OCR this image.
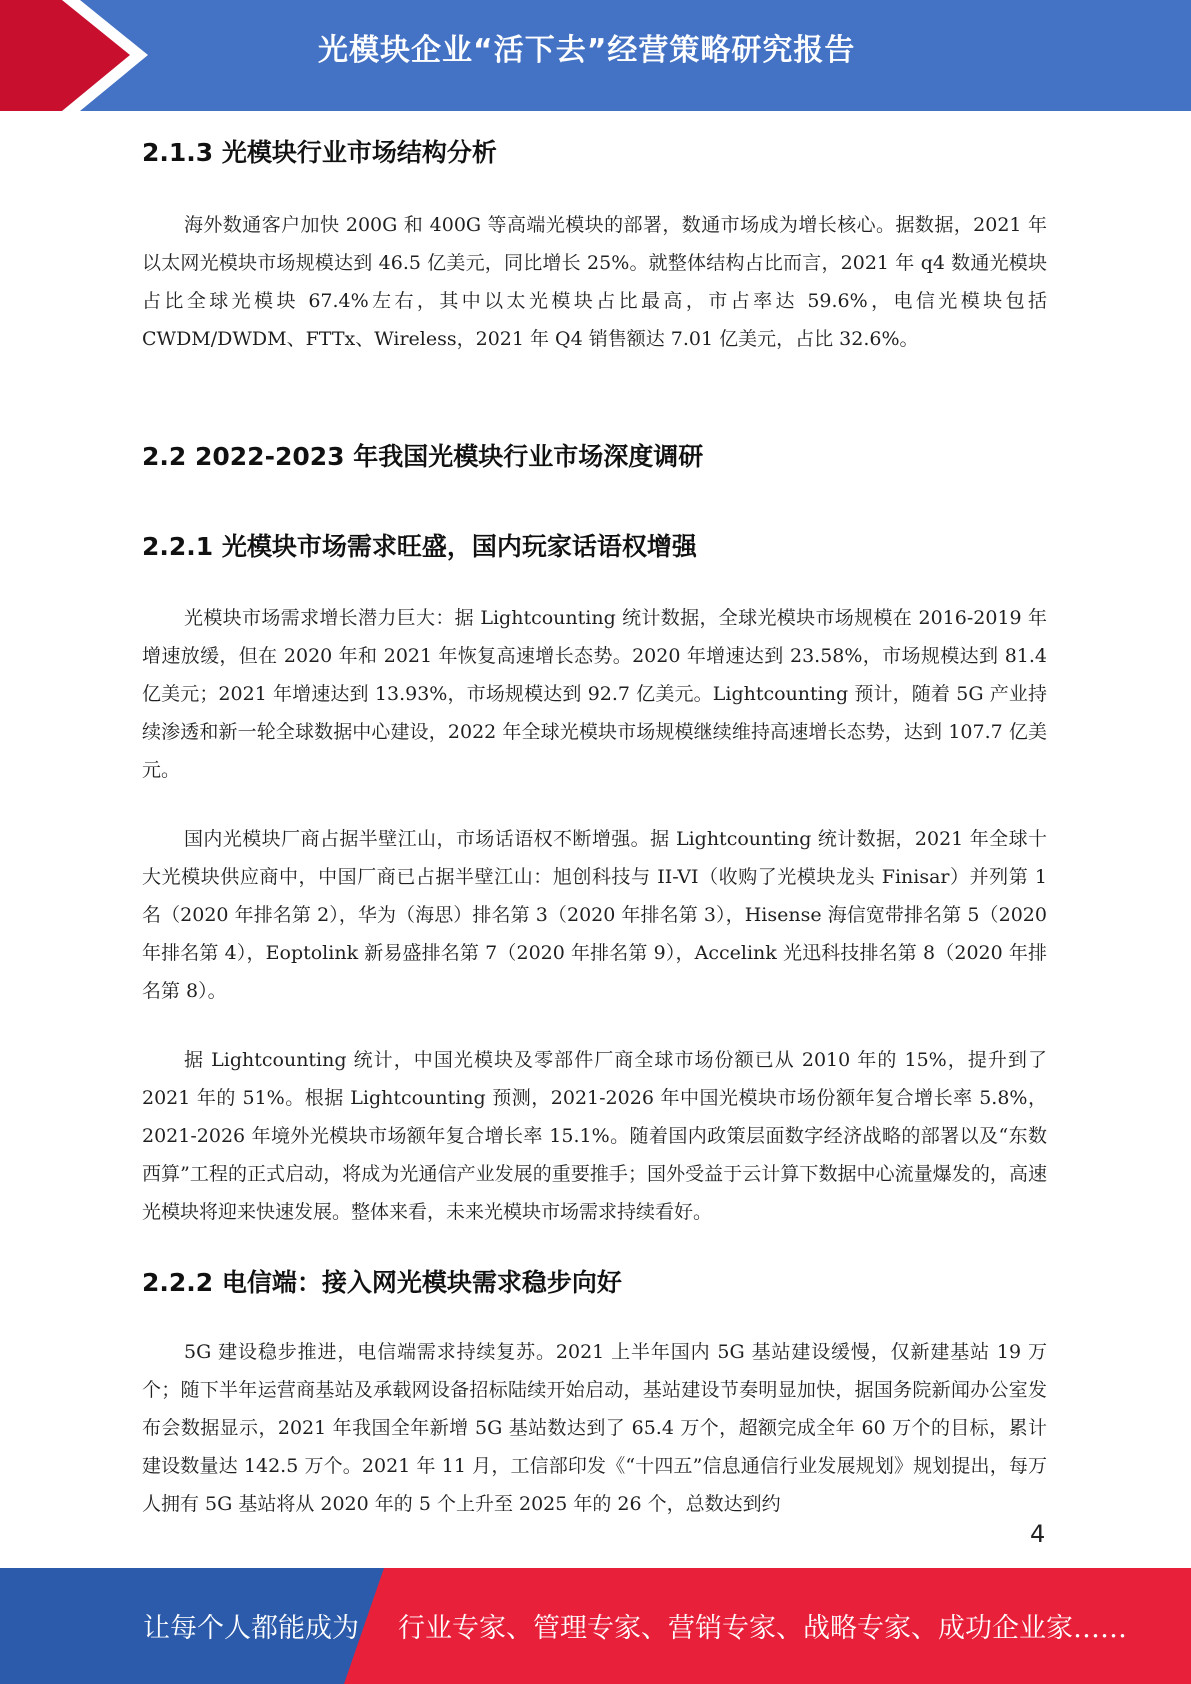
光模块企业“活下去”经营策略研究报告
2.1.3 光模块行业市场结构分析

海外数通客户加快 200G 和 400G 等高端光模块的部署，数通市场成为增长核心。据数据，2021 年以太网光模块市场规模达到 46.5 亿美元，同比增长 25%。就整体结构占比而言，2021 年 q4 数通光模块占比全球光模块 67.4%左右，其中以太光模块占比最高，市占率达 59.6%，电信光模块包括 CWDM/DWDM、FTTx、Wireless，2021 年 Q4 销售额达 7.01 亿美元，占比 32.6%。

2.2 2022-2023 年我国光模块行业市场深度调研
2.2.1 光模块市场需求旺盛，国内玩家话语权增强

光模块市场需求增长潜力巨大：据 Lightcounting 统计数据，全球光模块市场规模在 2016-2019 年增速放缓，但在 2020 年和 2021 年恢复高速增长态势。2020 年增速达到 23.58%，市场规模达到 81.4 亿美元；2021 年增速达到 13.93%，市场规模达到 92.7 亿美元。Lightcounting 预计，随着 5G 产业持续渗透和新一轮全球数据中心建设，2022 年全球光模块市场规模继续维持高速增长态势，达到 107.7 亿美元。

国内光模块厂商占据半壁江山，市场话语权不断增强。据 Lightcounting 统计数据，2021 年全球十大光模块供应商中，中国厂商已占据半壁江山：旭创科技与 II-VI（收购了光模块龙头 Finisar）并列第 1 名（2020 年排名第 2），华为（海思）排名第 3（2020 年排名第 3），Hisense 海信宽带排名第 5（2020 年排名第 4），Eoptolink 新易盛排名第 7（2020 年排名第 9），Accelink 光迅科技排名第 8（2020 年排名第 8）。

据 Lightcounting 统计，中国光模块及零部件厂商全球市场份额已从 2010 年的 15%，提升到了 2021 年的 51%。根据 Lightcounting 预测，2021-2026 年中国光模块市场份额年复合增长率 5.8%，2021-2026 年境外光模块市场额年复合增长率 15.1%。随着国内政策层面数字经济战略的部署以及“东数西算”工程的正式启动，将成为光通信产业发展的重要推手；国外受益于云计算下数据中心流量爆发的，高速光模块将迎来快速发展。整体来看，未来光模块市场需求持续看好。

2.2.2 电信端：接入网光模块需求稳步向好

5G 建设稳步推进，电信端需求持续复苏。2021 上半年国内 5G 基站建设缓慢，仅新建基站 19 万个；随下半年运营商基站及承载网设备招标陆续开始启动，基站建设节奏明显加快，据国务院新闻办公室发布会数据显示，2021 年我国全年新增 5G 基站数达到了 65.4 万个，超额完成全年 60 万个的目标，累计建设数量达 142.5 万个。2021 年 11 月，工信部印发《“十四五”信息通信行业发展规划》规划提出，每万人拥有 5G 基站将从 2020 年的 5 个上升至 2025 年的 26 个，总数达到约

4
让每个人都能成为 行业专家、管理专家、营销专家、战略专家、成功企业家……
